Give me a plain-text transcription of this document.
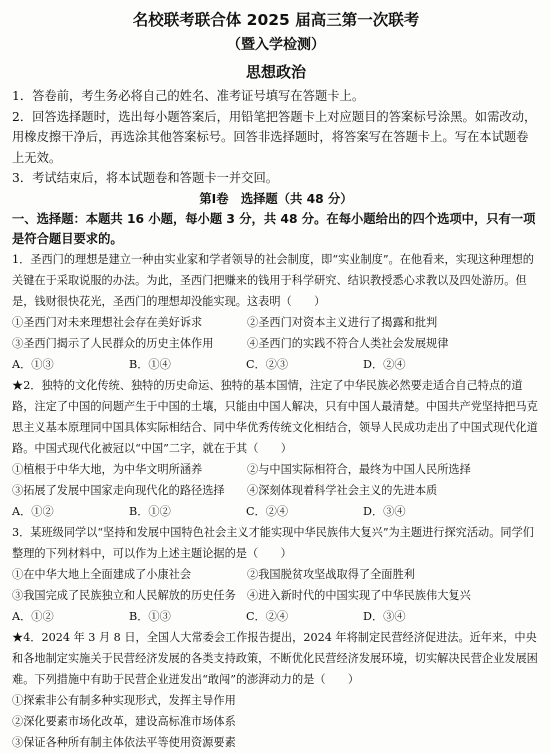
名校联考联合体 2025 届高三第一次联考
（暨入学检测）
思想政治
1．答卷前，考生务必将自己的姓名、准考证号填写在答题卡上。
2．回答选择题时，选出每小题答案后，用铅笔把答题卡上对应题目的答案标号涂黑。如需改动，用橡皮擦干净后，再选涂其他答案标号。回答非选择题时，将答案写在答题卡上。写在本试题卷上无效。
3．考试结束后，将本试题卷和答题卡一并交回。
第Ⅰ卷　选择题（共 48 分）
一、选择题：本题共 16 小题，每小题 3 分，共 48 分。在每小题给出的四个选项中，只有一项是符合题目要求的。
1．圣西门的理想是建立一种由实业家和学者领导的社会制度，即“实业制度”。在他看来，实现这种理想的关键在于采取说服的办法。为此，圣西门把赚来的钱用于科学研究、结识教授悉心求教以及四处游历。但是，钱财很快花光，圣西门的理想却没能实现。这表明（　　）
①圣西门对未来理想社会存在美好诉求	②圣西门对资本主义进行了揭露和批判
③圣西门揭示了人民群众的历史主体作用	④圣西门的实践不符合人类社会发展规律
A．①③	B．①④	C．②③	D．②④
★2．独特的文化传统、独特的历史命运、独特的基本国情，注定了中华民族必然要走适合自己特点的道路，注定了中国的问题产生于中国的土壤，只能由中国人解决，只有中国人最清楚。中国共产党坚持把马克思主义基本原理同中国具体实际相结合、同中华优秀传统文化相结合，领导人民成功走出了中国式现代化道路。中国式现代化被冠以“中国”二字，就在于其（　　）
①植根于中华大地，为中华文明所涵养	②与中国实际相符合，最终为中国人民所选择
③拓展了发展中国家走向现代化的路径选择	④深刻体现着科学社会主义的先进本质
A．①②	B．①②	C．②④	D．③④
3．某班级同学以“坚持和发展中国特色社会主义才能实现中华民族伟大复兴”为主题进行探究活动。同学们整理的下列材料中，可以作为上述主题论据的是（　　）
①在中华大地上全面建成了小康社会	②我国脱贫攻坚战取得了全面胜利
③我国完成了民族独立和人民解放的历史任务	④进入新时代的中国实现了中华民族伟大复兴
A．①②	B．①③	C．②④	D．③④
★4．2024 年 3 月 8 日，全国人大常委会工作报告提出，2024 年将制定民营经济促进法。近年来，中央和各地制定实施关于民营经济发展的各类支持政策，不断优化民营经济发展环境，切实解决民营企业发展困难。下列措施中有助于民营企业迸发出“敢闯”的澎湃动力的是（　　）
①探索非公有制多种实现形式，发挥主导作用
②深化要素市场化改革，建设高标准市场体系
③保证各种所有制主体依法平等使用资源要素
